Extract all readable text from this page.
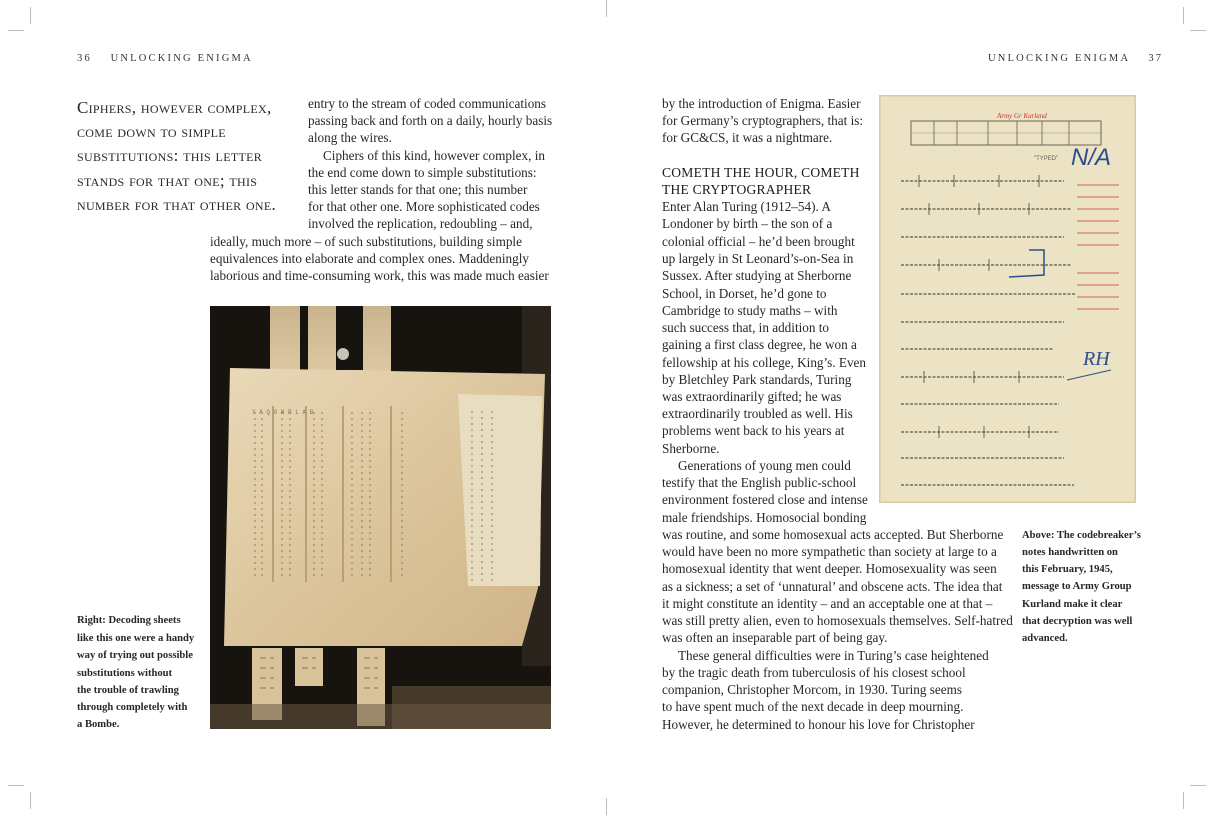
36 UNLOCKING ENIGMA
Ciphers, however complex,
come down to simple
substitutions: this letter
stands for that one; this
number for that other one.
entry to the stream of coded communications
passing back and forth on a daily, hourly basis
along the wires.
Ciphers of this kind, however complex, in
the end come down to simple substitutions:
this letter stands for that one; this number
for that other one. More sophisticated codes
involved the replication, redoubling – and,
ideally, much more – of such substitutions, building simple
equivalences into elaborate and complex ones. Maddeningly
laborious and time-consuming work, this was made much easier
Y A Q O N R L A B
Right: Decoding sheets
like this one were a handy
way of trying out possible
substitutions without
the trouble of trawling
through completely with
a Bombe.
UNLOCKING ENIGMA 37
by the introduction of Enigma. Easier
for Germany’s cryptographers, that is:
for GC&CS, it was a nightmare.
COMETH THE HOUR, COMETH
THE CRYPTOGRAPHER
Enter Alan Turing (1912–54). A
Londoner by birth – the son of a
colonial official – he’d been brought
up largely in St Leonard’s-on-Sea in
Sussex. After studying at Sherborne
School, in Dorset, he’d gone to
Cambridge to study maths – with
such success that, in addition to
gaining a first class degree, he won a
fellowship at his college, King’s. Even
by Bletchley Park standards, Turing
was extraordinarily gifted; he was
extraordinarily troubled as well. His
problems went back to his years at
Sherborne.
Generations of young men could
testify that the English public-school
environment fostered close and intense
male friendships. Homosocial bonding
was routine, and some homosexual acts accepted. But Sherborne
would have been no more sympathetic than society at large to a
homosexual identity that went deeper. Homosexuality was seen
as a sickness; a set of ‘unnatural’ and obscene acts. The idea that
it might constitute an identity – and an acceptable one at that –
was still pretty alien, even to homosexuals themselves. Self-hatred
was often an inseparable part of being gay.
These general difficulties were in Turing’s case heightened
by the tragic death from tuberculosis of his closest school
companion, Christopher Morcom, in 1930. Turing seems
to have spent much of the next decade in deep mourning.
However, he determined to honour his love for Christopher
Army Gr Kurland
"TYPED" N/A
RH
Above: The codebreaker’s
notes handwritten on
this February, 1945,
message to Army Group
Kurland make it clear
that decryption was well
advanced.
